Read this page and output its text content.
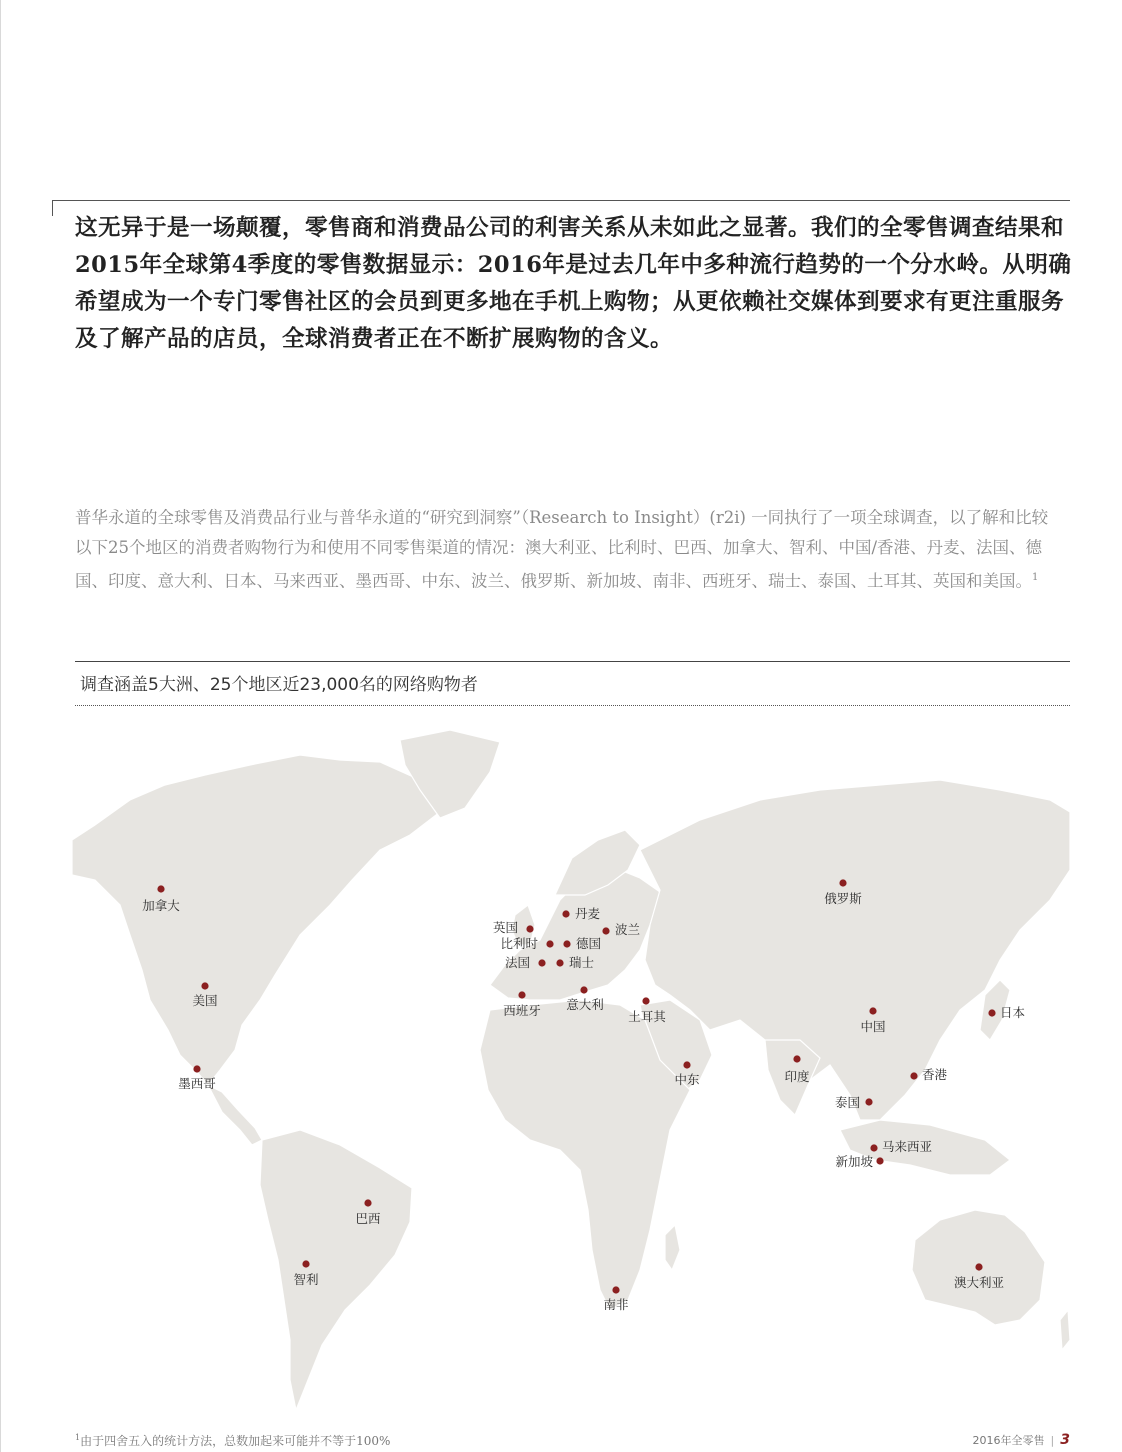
这无异于是一场颠覆，零售商和消费品公司的利害关系从未如此之显著。我们的全零售调查结果和2015年全球第4季度的零售数据显示：2016年是过去几年中多种流行趋势的一个分水岭。从明确希望成为一个专门零售社区的会员到更多地在手机上购物；从更依赖社交媒体到要求有更注重服务及了解产品的店员，全球消费者正在不断扩展购物的含义。
普华永道的全球零售及消费品行业与普华永道的“研究到洞察”（Research to Insight）(r2i) 一同执行了一项全球调查，以了解和比较以下25个地区的消费者购物行为和使用不同零售渠道的情况：澳大利亚、比利时、巴西、加拿大、智利、中国/香港、丹麦、法国、德国、印度、意大利、日本、马来西亚、墨西哥、中东、波兰、俄罗斯、新加坡、南非、西班牙、瑞士、泰国、土耳其、英国和美国。$^1$
调查涵盖5大洲、25个地区近23,000名的网络购物者
加拿大
美国
墨西哥
巴西
智利
英国
丹麦
波兰
比利时	德国
法国	瑞士
西班牙 意大利
土耳其
俄罗斯
中东	印度
中国
日本
香港
泰国
马来西亚
新加坡
南非
澳大利亚
$^1$由于四舍五入的统计方法，总数加起来可能并不等于100%	2016年全零售 | 3
